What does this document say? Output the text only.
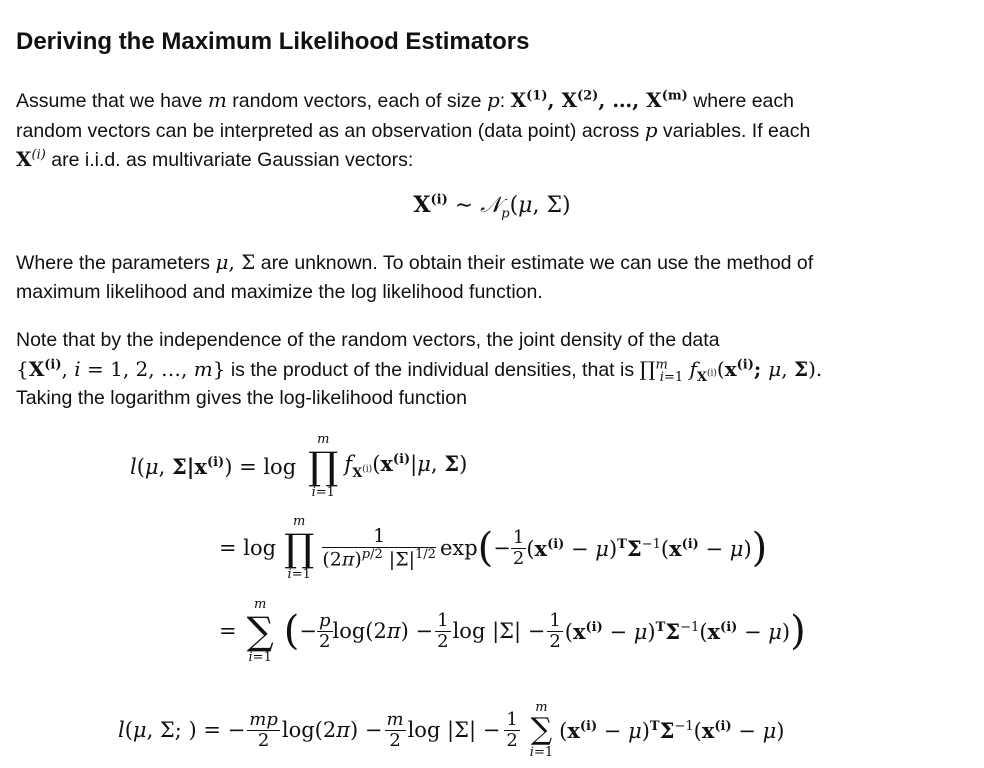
Deriving the Maximum Likelihood Estimators
Assume that we have m random vectors, each of size p: $X^{(1)}$, $X^{(2)}$, …, $X^{(m)}$ where each
random vectors can be interpreted as an observation (data point) across p variables. If each
$X^{(i)}$ are i.i.d. as multivariate Gaussian vectors:
$X^{(i)}$ ∼ 𝒩$_p$(μ, Σ)
Where the parameters μ, Σ are unknown. To obtain their estimate we can use the method of
maximum likelihood and maximize the log likelihood function.
Note that by the independence of the random vectors, the joint density of the data
{$X^{(i)}$, i = 1, 2, …, m} is the product of the individual densities, that is ∏$^m_{i=1}$ $f_{X^{(i)}}(x^{(i)}$; μ, Σ).
Taking the logarithm gives the log-likelihood function
l(μ, $\Sigma|x^{(i)}) = \log$
m
∏
i=1
$f_{X^{(i)}}(x^{(i)}|\mu$, Σ)
= log
m
∏
i=1
$\frac{1}{(2\pi)^{p/2} |\Sigma|^{1/2}}$ exp ( − $\frac{1}{2} (x^{(i)} - \mu)^T\Sigma^{-1}(x^{(i)} - \mu)$ )
=
m
∑
i=1
( − $\frac{p}{2} \log(2\pi) - \frac{1}{2}$ $\log |\Sigma| - \frac{1}{2} (x^{(i)} - \mu)^T\Sigma^{-1}(x^{(i)} - \mu)$ )
l(μ, Σ; ) = − $\frac{mp}{2} \log(2\pi) - \frac{m}{2}$ $\log |\Sigma| - \frac{1}{2}$
m
∑
i=1
$(x^{(i)} - \mu)^T\Sigma^{-1}(x^{(i)} - \mu)$
